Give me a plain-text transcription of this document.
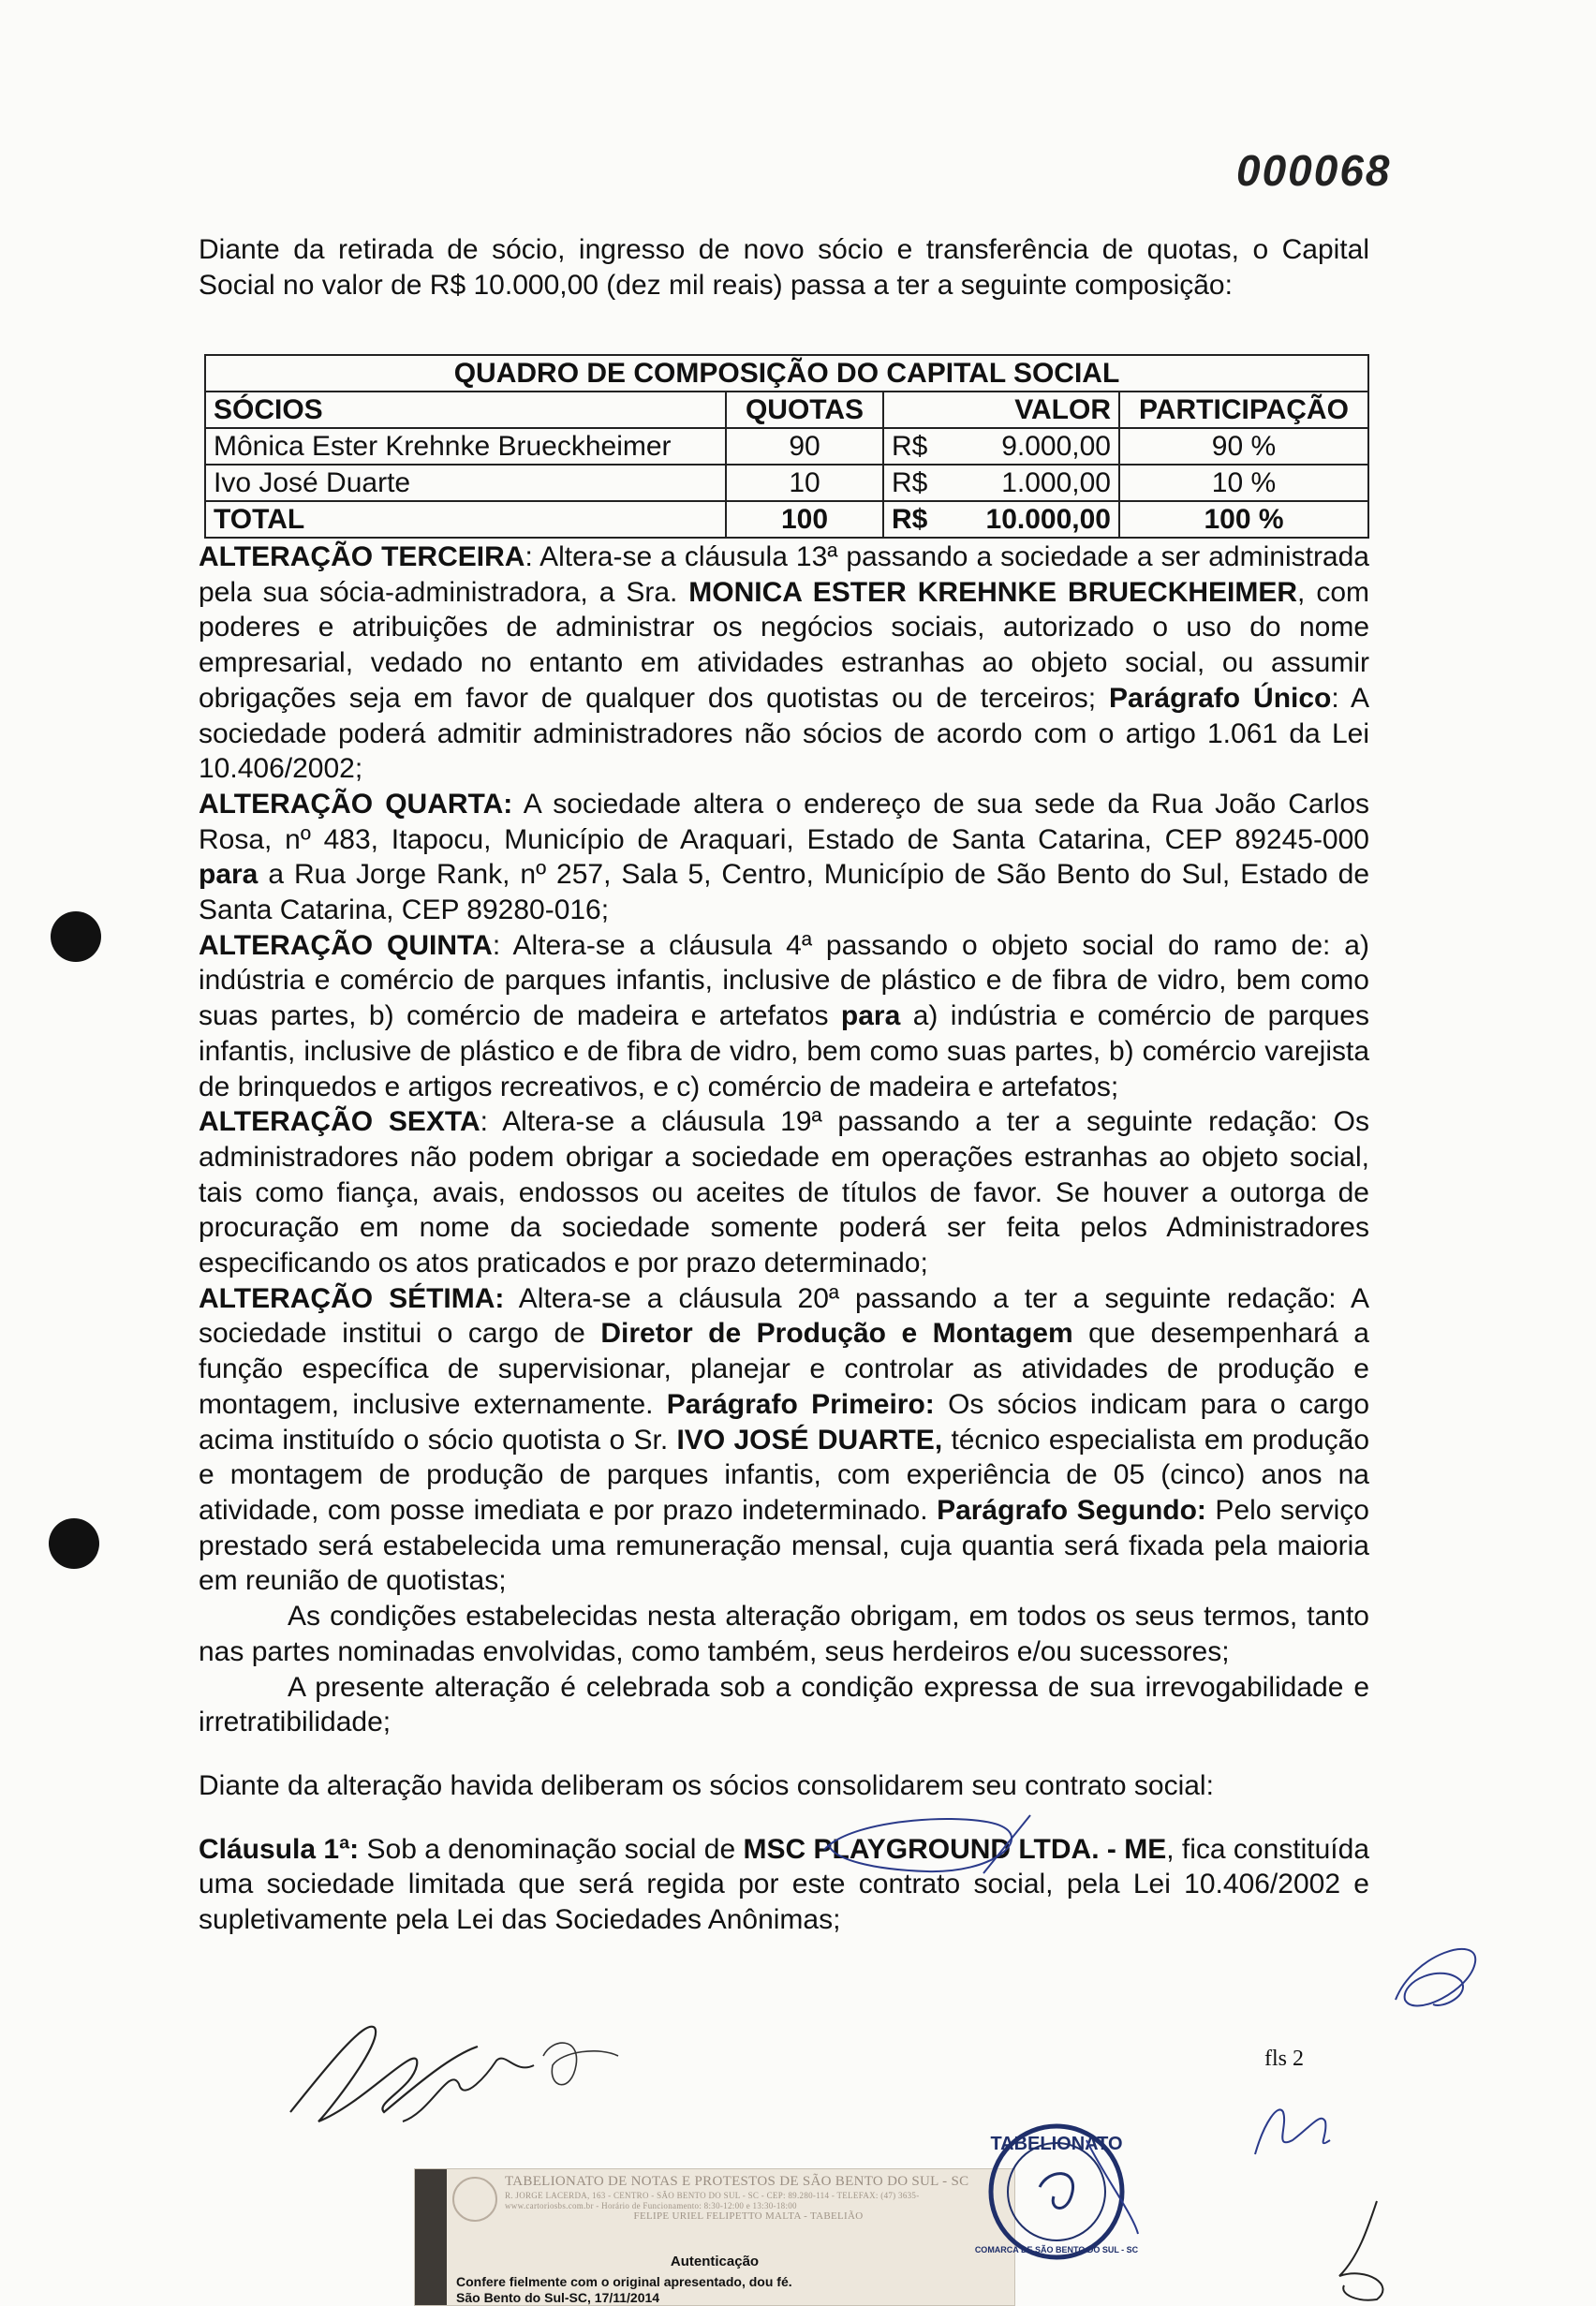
000068
Diante da retirada de sócio, ingresso de novo sócio e transferência de quotas, o Capital Social no valor de R$ 10.000,00 (dez mil reais) passa a ter a seguinte composição:
QUADRO DE COMPOSIÇÃO DO CAPITAL SOCIAL				
SÓCIOS	QUOTAS	VALOR		PARTICIPAÇÃO
Mônica Ester Krehnke Brueckheimer	90	R$	9.000,00	90 %
Ivo José Duarte	10	R$	1.000,00	10 %
TOTAL	100	R$	10.000,00	100 %

ALTERAÇÃO TERCEIRA: Altera-se a cláusula 13ª passando a sociedade a ser administrada pela sua sócia-administradora, a Sra. MONICA ESTER KREHNKE BRUECKHEIMER, com poderes e atribuições de administrar os negócios sociais, autorizado o uso do nome empresarial, vedado no entanto em atividades estranhas ao objeto social, ou assumir obrigações seja em favor de qualquer dos quotistas ou de terceiros; Parágrafo Único: A sociedade poderá admitir administradores não sócios de acordo com o artigo 1.061 da Lei 10.406/2002;

ALTERAÇÃO QUARTA: A sociedade altera o endereço de sua sede da Rua João Carlos Rosa, nº 483, Itapocu, Município de Araquari, Estado de Santa Catarina, CEP 89245-000 para a Rua Jorge Rank, nº 257, Sala 5, Centro, Município de São Bento do Sul, Estado de Santa Catarina, CEP 89280-016;

ALTERAÇÃO QUINTA: Altera-se a cláusula 4ª passando o objeto social do ramo de: a) indústria e comércio de parques infantis, inclusive de plástico e de fibra de vidro, bem como suas partes, b) comércio de madeira e artefatos para a) indústria e comércio de parques infantis, inclusive de plástico e de fibra de vidro, bem como suas partes, b) comércio varejista de brinquedos e artigos recreativos, e c) comércio de madeira e artefatos;

ALTERAÇÃO SEXTA: Altera-se a cláusula 19ª passando a ter a seguinte redação: Os administradores não podem obrigar a sociedade em operações estranhas ao objeto social, tais como fiança, avais, endossos ou aceites de títulos de favor. Se houver a outorga de procuração em nome da sociedade somente poderá ser feita pelos Administradores especificando os atos praticados e por prazo determinado;

ALTERAÇÃO SÉTIMA: Altera-se a cláusula 20ª passando a ter a seguinte redação: A sociedade institui o cargo de Diretor de Produção e Montagem que desempenhará a função específica de supervisionar, planejar e controlar as atividades de produção e montagem, inclusive externamente. Parágrafo Primeiro: Os sócios indicam para o cargo acima instituído o sócio quotista o Sr. IVO JOSÉ DUARTE, técnico especialista em produção e montagem de produção de parques infantis, com experiência de 05 (cinco) anos na atividade, com posse imediata e por prazo indeterminado. Parágrafo Segundo: Pelo serviço prestado será estabelecida uma remuneração mensal, cuja quantia será fixada pela maioria em reunião de quotistas;

As condições estabelecidas nesta alteração obrigam, em todos os seus termos, tanto nas partes nominadas envolvidas, como também, seus herdeiros e/ou sucessores;

A presente alteração é celebrada sob a condição expressa de sua irrevogabilidade e irretratibilidade;

Diante da alteração havida deliberam os sócios consolidarem seu contrato social:

Cláusula 1ª: Sob a denominação social de MSC PLAYGROUND LTDA. - ME, fica constituída uma sociedade limitada que será regida por este contrato social, pela Lei 10.406/2002 e supletivamente pela Lei das Sociedades Anônimas;

fls 2
TABELIONATO DE NOTAS E PROTESTOS DE SÃO BENTO DO SUL - SC
R. JORGE LACERDA, 163 - CENTRO - SÃO BENTO DO SUL - SC - CEP: 89.280-114 - TELEFAX: (47) 3635-
www.cartoriosbs.com.br - Horário de Funcionamento: 8:30-12:00 e 13:30-18:00
FELIPE URIEL FELIPETTO MALTA - TABELIÃO
Autenticação
Confere fielmente com o original apresentado, dou fé.
São Bento do Sul-SC, 17/11/2014
TABELIONATO
COMARCA DE SÃO BENTO DO SUL - SC
